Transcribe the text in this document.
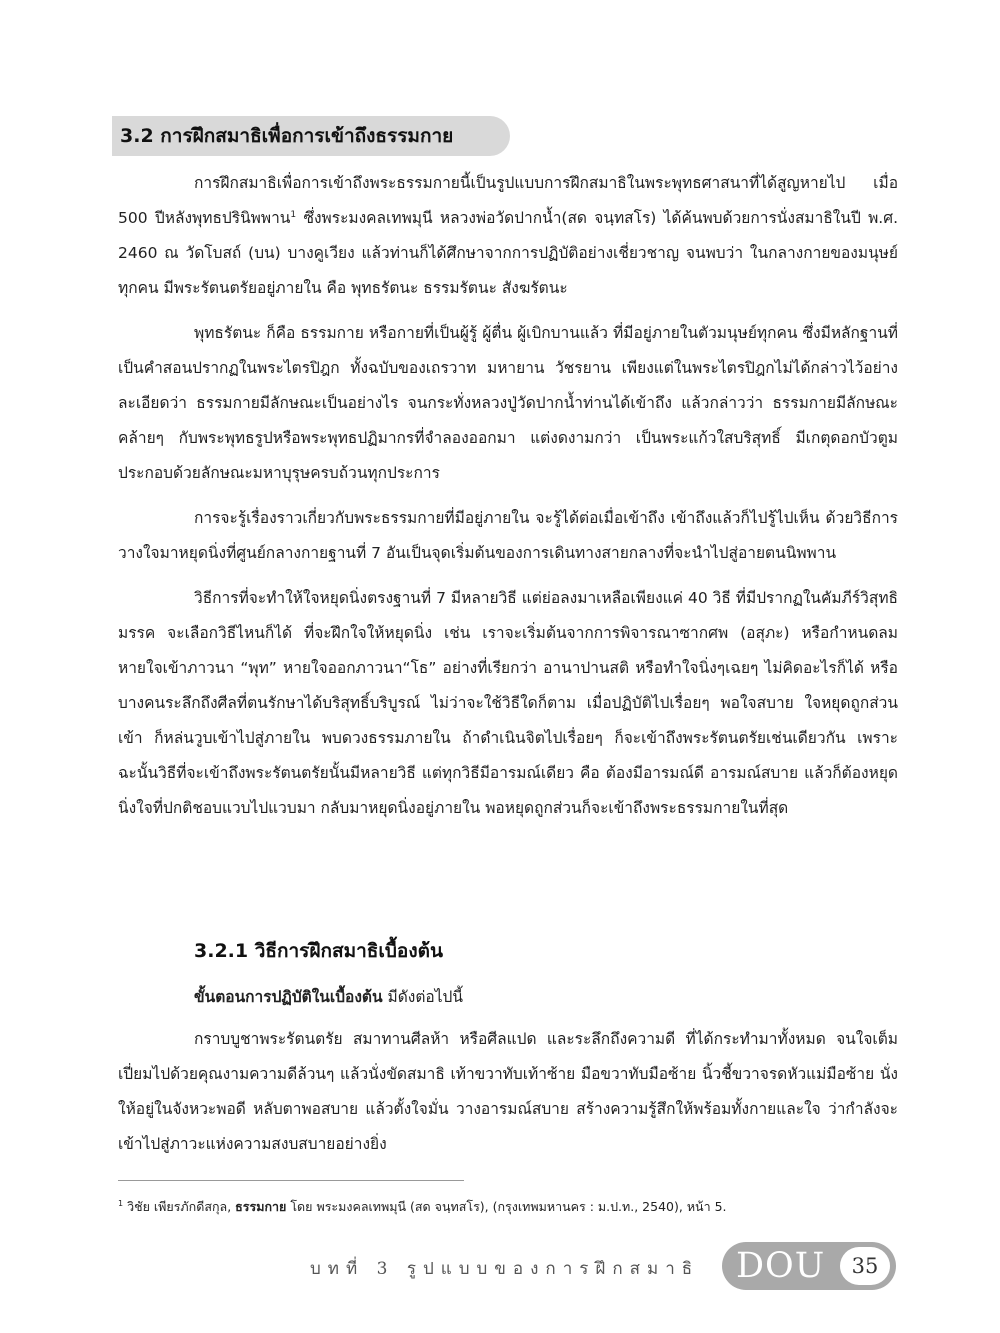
3.2 การฝึกสมาธิเพื่อการเข้าถึงธรรมกาย

การฝึกสมาธิเพื่อการเข้าถึงพระธรรมกายนี้เป็นรูปแบบการฝึกสมาธิในพระพุทธศาสนาที่ได้สูญหายไป เมื่อ 500 ปีหลังพุทธปรินิพพาน$^1$ ซึ่งพระมงคลเทพมุนี หลวงพ่อวัดปากน้ำ(สด จนฺทสโร) ได้ค้นพบด้วยการนั่งสมาธิในปี พ.ศ. 2460 ณ วัดโบสถ์ (บน) บางคูเวียง แล้วท่านก็ได้ศึกษาจากการปฏิบัติอย่างเชี่ยวชาญ จนพบว่า ในกลางกายของมนุษย์ทุกคน มีพระรัตนตรัยอยู่ภายใน คือ พุทธรัตนะ ธรรมรัตนะ สังฆรัตนะ

พุทธรัตนะ ก็คือ ธรรมกาย หรือกายที่เป็นผู้รู้ ผู้ตื่น ผู้เบิกบานแล้ว ที่มีอยู่ภายในตัวมนุษย์ทุกคน ซึ่งมีหลักฐานที่เป็นคำสอนปรากฏในพระไตรปิฎก ทั้งฉบับของเถรวาท มหายาน วัชรยาน เพียงแต่ในพระไตรปิฎกไม่ได้กล่าวไว้อย่างละเอียดว่า ธรรมกายมีลักษณะเป็นอย่างไร จนกระทั่งหลวงปู่วัดปากน้ำท่านได้เข้าถึง แล้วกล่าวว่า ธรรมกายมีลักษณะคล้ายๆ กับพระพุทธรูปหรือพระพุทธปฏิมากรที่จำลองออกมา แต่งดงามกว่า เป็นพระแก้วใสบริสุทธิ์ มีเกตุดอกบัวตูม ประกอบด้วยลักษณะมหาบุรุษครบถ้วนทุกประการ

การจะรู้เรื่องราวเกี่ยวกับพระธรรมกายที่มีอยู่ภายใน จะรู้ได้ต่อเมื่อเข้าถึง เข้าถึงแล้วก็ไปรู้ไปเห็น ด้วยวิธีการวางใจมาหยุดนิ่งที่ศูนย์กลางกายฐานที่ 7 อันเป็นจุดเริ่มต้นของการเดินทางสายกลางที่จะนำไปสู่อายตนนิพพาน

วิธีการที่จะทำให้ใจหยุดนิ่งตรงฐานที่ 7 มีหลายวิธี แต่ย่อลงมาเหลือเพียงแค่ 40 วิธี ที่มีปรากฏในคัมภีร์วิสุทธิมรรค จะเลือกวิธีไหนก็ได้ ที่จะฝึกใจให้หยุดนิ่ง เช่น เราจะเริ่มต้นจากการพิจารณาซากศพ (อสุภะ) หรือกำหนดลมหายใจเข้าภาวนา “พุท” หายใจออกภาวนา“โธ” อย่างที่เรียกว่า อานาปานสติ หรือทำใจนิ่งๆเฉยๆ ไม่คิดอะไรก็ได้ หรือบางคนระลึกถึงศีลที่ตนรักษาได้บริสุทธิ์บริบูรณ์ ไม่ว่าจะใช้วิธีใดก็ตาม เมื่อปฏิบัติไปเรื่อยๆ พอใจสบาย ใจหยุดถูกส่วนเข้า ก็หล่นวูบเข้าไปสู่ภายใน พบดวงธรรมภายใน ถ้าดำเนินจิตไปเรื่อยๆ ก็จะเข้าถึงพระรัตนตรัยเช่นเดียวกัน เพราะฉะนั้นวิธีที่จะเข้าถึงพระรัตนตรัยนั้นมีหลายวิธี แต่ทุกวิธีมีอารมณ์เดียว คือ ต้องมีอารมณ์ดี อารมณ์สบาย แล้วก็ต้องหยุดนิ่งใจที่ปกติชอบแวบไปแวบมา กลับมาหยุดนิ่งอยู่ภายใน พอหยุดถูกส่วนก็จะเข้าถึงพระธรรมกายในที่สุด

3.2.1 วิธีการฝึกสมาธิเบื้องต้น
ขั้นตอนการปฏิบัติในเบื้องต้น มีดังต่อไปนี้

กราบบูชาพระรัตนตรัย สมาทานศีลห้า หรือศีลแปด และระลึกถึงความดี ที่ได้กระทำมาทั้งหมด จนใจเต็มเปี่ยมไปด้วยคุณงามความดีล้วนๆ แล้วนั่งขัดสมาธิ เท้าขวาทับเท้าซ้าย มือขวาทับมือซ้าย นิ้วชี้ขวาจรดหัวแม่มือซ้าย นั่งให้อยู่ในจังหวะพอดี หลับตาพอสบาย แล้วตั้งใจมั่น วางอารมณ์สบาย สร้างความรู้สึกให้พร้อมทั้งกายและใจ ว่ากำลังจะเข้าไปสู่ภาวะแห่งความสงบสบายอย่างยิ่ง

$^1$ วิชัย เพียรภักดีสกุล, ธรรมกาย โดย พระมงคลเทพมุนี (สด จนฺทสโร), (กรุงเทพมหานคร : ม.ป.ท., 2540), หน้า 5.
บทที่ 3 รูปแบบของการฝึกสมาธิ DOU	35
